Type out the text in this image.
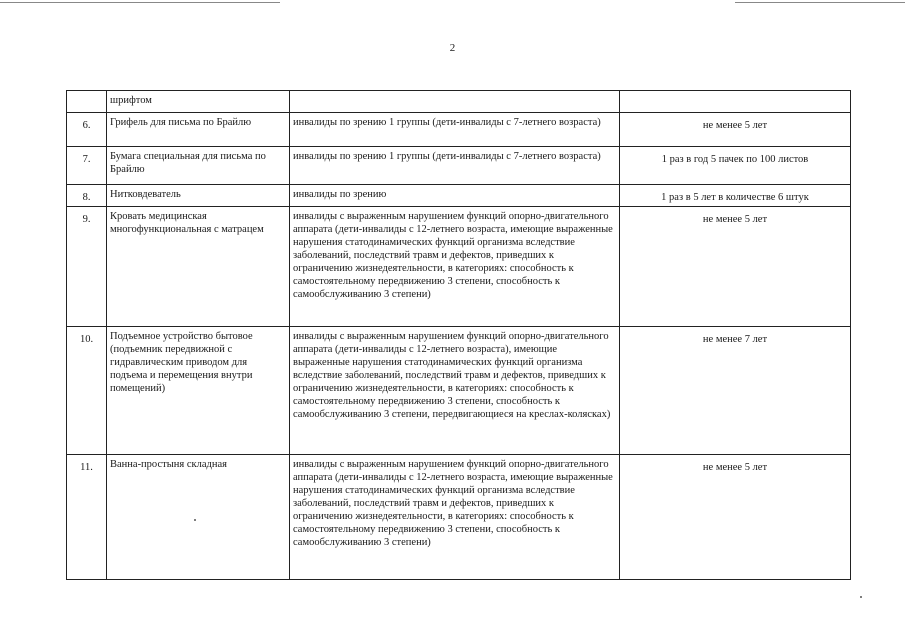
2
	шрифтом		
6.	Грифель для письма по Брайлю	инвалиды по зрению 1 группы (дети-инвалиды с 7-летнего возраста)	не менее 5 лет
7.	Бумага специальная для письма по Брайлю	инвалиды по зрению 1 группы (дети-инвалиды с 7-летнего возраста)	1 раз в год 5 пачек по 100 листов
8.	Нитковдеватель	инвалиды по зрению	1 раз в 5 лет в количестве 6 штук
9.	Кровать медицинская многофункциональная с матрацем	инвалиды с выраженным нарушением функций опорно-двигательного аппарата (дети-инвалиды с 12-летнего возраста, имеющие выраженные нарушения статодинамических функций организма вследствие заболеваний, последствий травм и дефектов, приведших к ограничению жизнедеятельности, в категориях: способность к самостоятельному передвижению 3 степени, способность к самообслуживанию 3 степени)	не менее 5 лет
10.	Подъемное устройство бытовое (подъемник передвижной с гидравлическим приводом для подъема и перемещения внутри помещений)	инвалиды с выраженным нарушением функций опорно-двигательного аппарата (дети-инвалиды с 12-летнего возраста), имеющие выраженные нарушения статодинамических функций организма вследствие заболеваний, последствий травм и дефектов, приведших к ограничению жизнедеятельности, в категориях: способность к самостоятельному передвижению 3 степени, способность к самообслуживанию 3 степени, передвигающиеся на креслах-колясках)	не менее 7 лет
11.	Ванна-простыня складная	инвалиды с выраженным нарушением функций опорно-двигательного аппарата (дети-инвалиды с 12-летнего возраста, имеющие выраженные нарушения статодинамических функций организма вследствие заболеваний, последствий травм и дефектов, приведших к ограничению жизнедеятельности, в категориях: способность к самостоятельному передвижению 3 степени, способность к самообслуживанию 3 степени)	не менее 5 лет
